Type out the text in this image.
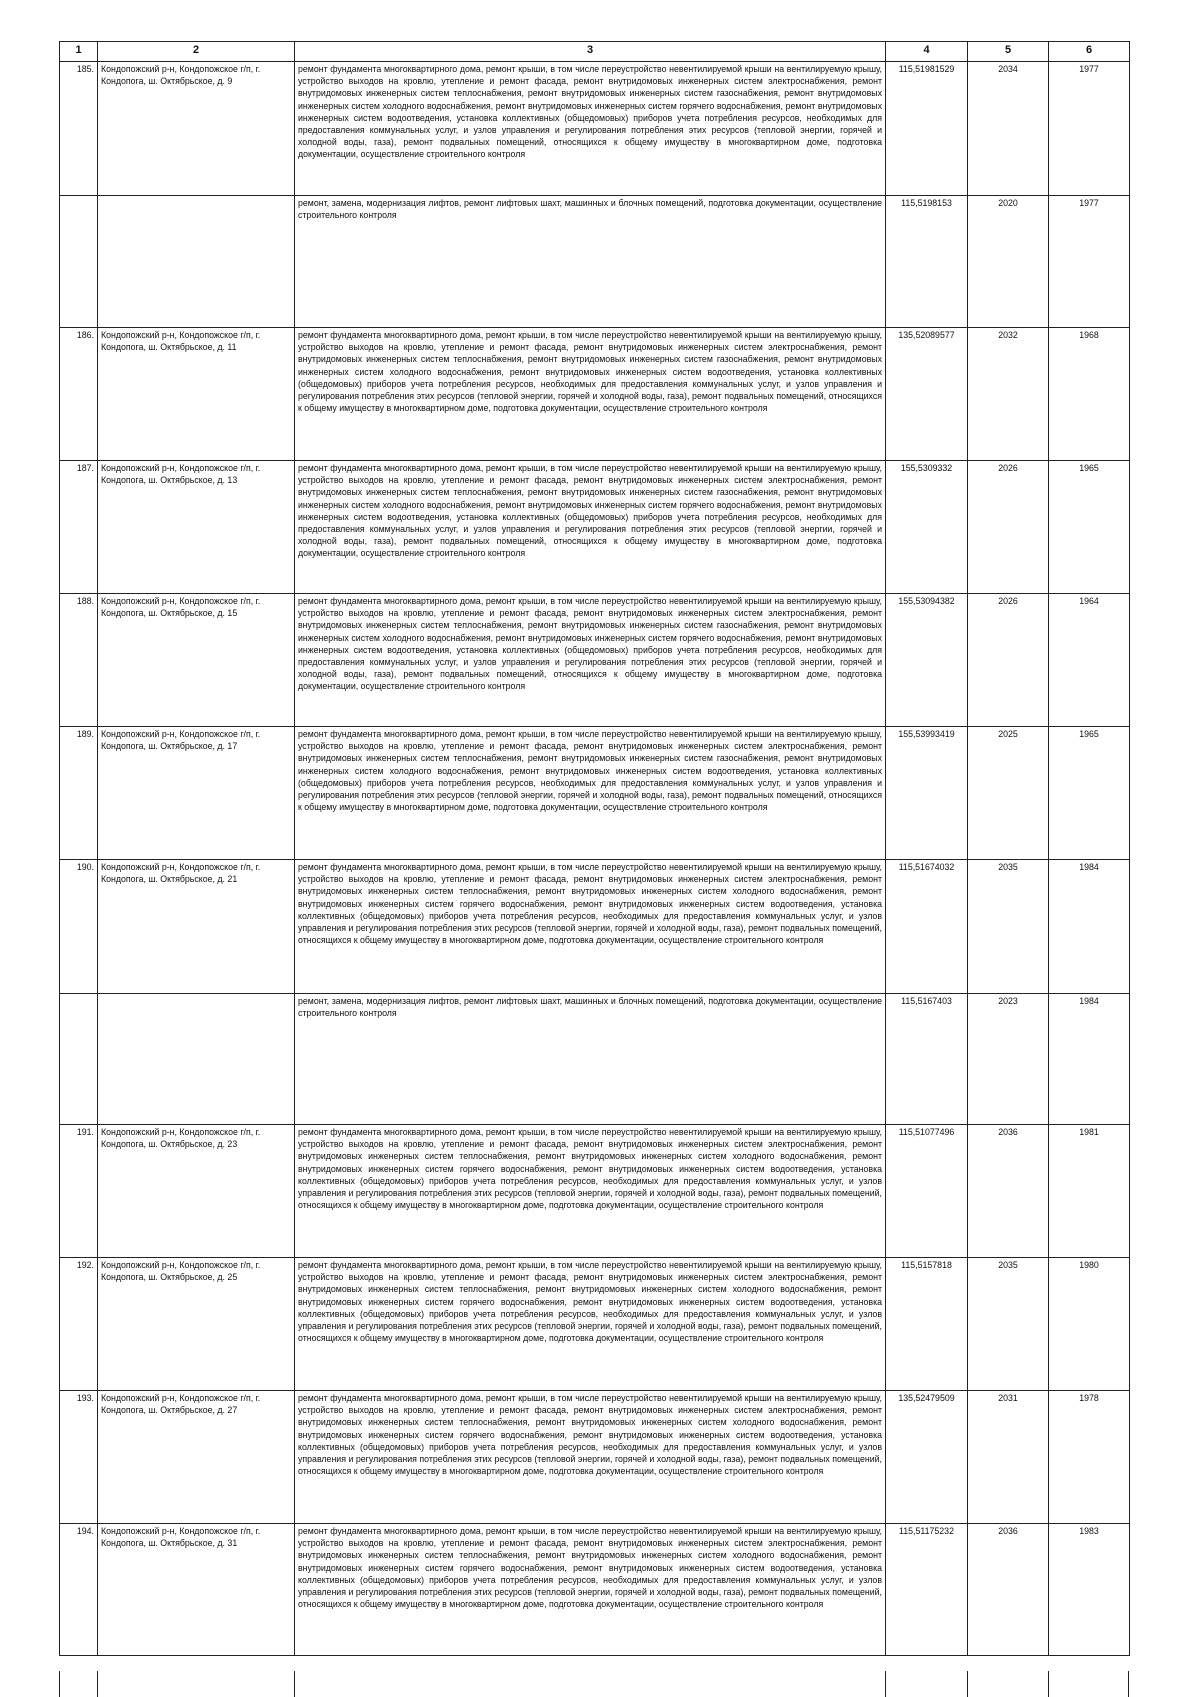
1	2	3	4	5	6
185.	Кондопожский р-н, Кондопожское г/п, г. Кондопога, ш. Октябрьское, д. 9	ремонт фундамента многоквартирного дома, ремонт крыши, в том числе переустройство невентилируемой крыши на вентилируемую крышу, устройство выходов на кровлю, утепление и ремонт фасада, ремонт внутридомовых инженерных систем электроснабжения, ремонт внутридомовых инженерных систем теплоснабжения, ремонт внутридомовых инженерных систем газоснабжения, ремонт внутридомовых инженерных систем холодного водоснабжения, ремонт внутридомовых инженерных систем горячего водоснабжения, ремонт внутридомовых инженерных систем водоотведения, установка коллективных (общедомовых) приборов учета потребления ресурсов, необходимых для предоставления коммунальных услуг, и узлов управления и регулирования потребления этих ресурсов (тепловой энергии, горячей и холодной воды, газа), ремонт подвальных помещений, относящихся к общему имуществу в многоквартирном доме, подготовка документации, осуществление строительного контроля	115,51981529	2034	1977
		ремонт, замена, модернизация лифтов, ремонт лифтовых шахт, машинных и блочных помещений, подготовка документации, осуществление строительного контроля	115,5198153	2020	1977
186.	Кондопожский р-н, Кондопожское г/п, г. Кондопога, ш. Октябрьское, д. 11	ремонт фундамента многоквартирного дома, ремонт крыши, в том числе переустройство невентилируемой крыши на вентилируемую крышу, устройство выходов на кровлю, утепление и ремонт фасада, ремонт внутридомовых инженерных систем электроснабжения, ремонт внутридомовых инженерных систем теплоснабжения, ремонт внутридомовых инженерных систем газоснабжения, ремонт внутридомовых инженерных систем холодного водоснабжения, ремонт внутридомовых инженерных систем водоотведения, установка коллективных (общедомовых) приборов учета потребления ресурсов, необходимых для предоставления коммунальных услуг, и узлов управления и регулирования потребления этих ресурсов (тепловой энергии, горячей и холодной воды, газа), ремонт подвальных помещений, относящихся к общему имуществу в многоквартирном доме, подготовка документации, осуществление строительного контроля	135,52089577	2032	1968
187.	Кондопожский р-н, Кондопожское г/п, г. Кондопога, ш. Октябрьское, д. 13	ремонт фундамента многоквартирного дома, ремонт крыши, в том числе переустройство невентилируемой крыши на вентилируемую крышу, устройство выходов на кровлю, утепление и ремонт фасада, ремонт внутридомовых инженерных систем электроснабжения, ремонт внутридомовых инженерных систем теплоснабжения, ремонт внутридомовых инженерных систем газоснабжения, ремонт внутридомовых инженерных систем холодного водоснабжения, ремонт внутридомовых инженерных систем горячего водоснабжения, ремонт внутридомовых инженерных систем водоотведения, установка коллективных (общедомовых) приборов учета потребления ресурсов, необходимых для предоставления коммунальных услуг, и узлов управления и регулирования потребления этих ресурсов (тепловой энергии, горячей и холодной воды, газа), ремонт подвальных помещений, относящихся к общему имуществу в многоквартирном доме, подготовка документации, осуществление строительного контроля	155,5309332	2026	1965
188.	Кондопожский р-н, Кондопожское г/п, г. Кондопога, ш. Октябрьское, д. 15	ремонт фундамента многоквартирного дома, ремонт крыши, в том числе переустройство невентилируемой крыши на вентилируемую крышу, устройство выходов на кровлю, утепление и ремонт фасада, ремонт внутридомовых инженерных систем электроснабжения, ремонт внутридомовых инженерных систем теплоснабжения, ремонт внутридомовых инженерных систем газоснабжения, ремонт внутридомовых инженерных систем холодного водоснабжения, ремонт внутридомовых инженерных систем горячего водоснабжения, ремонт внутридомовых инженерных систем водоотведения, установка коллективных (общедомовых) приборов учета потребления ресурсов, необходимых для предоставления коммунальных услуг, и узлов управления и регулирования потребления этих ресурсов (тепловой энергии, горячей и холодной воды, газа), ремонт подвальных помещений, относящихся к общему имуществу в многоквартирном доме, подготовка документации, осуществление строительного контроля	155,53094382	2026	1964
189.	Кондопожский р-н, Кондопожское г/п, г. Кондопога, ш. Октябрьское, д. 17	ремонт фундамента многоквартирного дома, ремонт крыши, в том числе переустройство невентилируемой крыши на вентилируемую крышу, устройство выходов на кровлю, утепление и ремонт фасада, ремонт внутридомовых инженерных систем электроснабжения, ремонт внутридомовых инженерных систем теплоснабжения, ремонт внутридомовых инженерных систем газоснабжения, ремонт внутридомовых инженерных систем холодного водоснабжения, ремонт внутридомовых инженерных систем водоотведения, установка коллективных (общедомовых) приборов учета потребления ресурсов, необходимых для предоставления коммунальных услуг, и узлов управления и регулирования потребления этих ресурсов (тепловой энергии, горячей и холодной воды, газа), ремонт подвальных помещений, относящихся к общему имуществу в многоквартирном доме, подготовка документации, осуществление строительного контроля	155,53993419	2025	1965
190.	Кондопожский р-н, Кондопожское г/п, г. Кондопога, ш. Октябрьское, д. 21	ремонт фундамента многоквартирного дома, ремонт крыши, в том числе переустройство невентилируемой крыши на вентилируемую крышу, устройство выходов на кровлю, утепление и ремонт фасада, ремонт внутридомовых инженерных систем электроснабжения, ремонт внутридомовых инженерных систем теплоснабжения, ремонт внутридомовых инженерных систем холодного водоснабжения, ремонт внутридомовых инженерных систем горячего водоснабжения, ремонт внутридомовых инженерных систем водоотведения, установка коллективных (общедомовых) приборов учета потребления ресурсов, необходимых для предоставления коммунальных услуг, и узлов управления и регулирования потребления этих ресурсов (тепловой энергии, горячей и холодной воды, газа), ремонт подвальных помещений, относящихся к общему имуществу в многоквартирном доме, подготовка документации, осуществление строительного контроля	115,51674032	2035	1984
		ремонт, замена, модернизация лифтов, ремонт лифтовых шахт, машинных и блочных помещений, подготовка документации, осуществление строительного контроля	115,5167403	2023	1984
191.	Кондопожский р-н, Кондопожское г/п, г. Кондопога, ш. Октябрьское, д. 23	ремонт фундамента многоквартирного дома, ремонт крыши, в том числе переустройство невентилируемой крыши на вентилируемую крышу, устройство выходов на кровлю, утепление и ремонт фасада, ремонт внутридомовых инженерных систем электроснабжения, ремонт внутридомовых инженерных систем теплоснабжения, ремонт внутридомовых инженерных систем холодного водоснабжения, ремонт внутридомовых инженерных систем горячего водоснабжения, ремонт внутридомовых инженерных систем водоотведения, установка коллективных (общедомовых) приборов учета потребления ресурсов, необходимых для предоставления коммунальных услуг, и узлов управления и регулирования потребления этих ресурсов (тепловой энергии, горячей и холодной воды, газа), ремонт подвальных помещений, относящихся к общему имуществу в многоквартирном доме, подготовка документации, осуществление строительного контроля	115,51077496	2036	1981
192.	Кондопожский р-н, Кондопожское г/п, г. Кондопога, ш. Октябрьское, д. 25	ремонт фундамента многоквартирного дома, ремонт крыши, в том числе переустройство невентилируемой крыши на вентилируемую крышу, устройство выходов на кровлю, утепление и ремонт фасада, ремонт внутридомовых инженерных систем электроснабжения, ремонт внутридомовых инженерных систем теплоснабжения, ремонт внутридомовых инженерных систем холодного водоснабжения, ремонт внутридомовых инженерных систем горячего водоснабжения, ремонт внутридомовых инженерных систем водоотведения, установка коллективных (общедомовых) приборов учета потребления ресурсов, необходимых для предоставления коммунальных услуг, и узлов управления и регулирования потребления этих ресурсов (тепловой энергии, горячей и холодной воды, газа), ремонт подвальных помещений, относящихся к общему имуществу в многоквартирном доме, подготовка документации, осуществление строительного контроля	115,5157818	2035	1980
193.	Кондопожский р-н, Кондопожское г/п, г. Кондопога, ш. Октябрьское, д. 27	ремонт фундамента многоквартирного дома, ремонт крыши, в том числе переустройство невентилируемой крыши на вентилируемую крышу, устройство выходов на кровлю, утепление и ремонт фасада, ремонт внутридомовых инженерных систем электроснабжения, ремонт внутридомовых инженерных систем теплоснабжения, ремонт внутридомовых инженерных систем холодного водоснабжения, ремонт внутридомовых инженерных систем горячего водоснабжения, ремонт внутридомовых инженерных систем водоотведения, установка коллективных (общедомовых) приборов учета потребления ресурсов, необходимых для предоставления коммунальных услуг, и узлов управления и регулирования потребления этих ресурсов (тепловой энергии, горячей и холодной воды, газа), ремонт подвальных помещений, относящихся к общему имуществу в многоквартирном доме, подготовка документации, осуществление строительного контроля	135,52479509	2031	1978
194.	Кондопожский р-н, Кондопожское г/п, г. Кондопога, ш. Октябрьское, д. 31	ремонт фундамента многоквартирного дома, ремонт крыши, в том числе переустройство невентилируемой крыши на вентилируемую крышу, устройство выходов на кровлю, утепление и ремонт фасада, ремонт внутридомовых инженерных систем электроснабжения, ремонт внутридомовых инженерных систем теплоснабжения, ремонт внутридомовых инженерных систем холодного водоснабжения, ремонт внутридомовых инженерных систем горячего водоснабжения, ремонт внутридомовых инженерных систем водоотведения, установка коллективных (общедомовых) приборов учета потребления ресурсов, необходимых для предоставления коммунальных услуг, и узлов управления и регулирования потребления этих ресурсов (тепловой энергии, горячей и холодной воды, газа), ремонт подвальных помещений, относящихся к общему имуществу в многоквартирном доме, подготовка документации, осуществление строительного контроля	115,51175232	2036	1983
